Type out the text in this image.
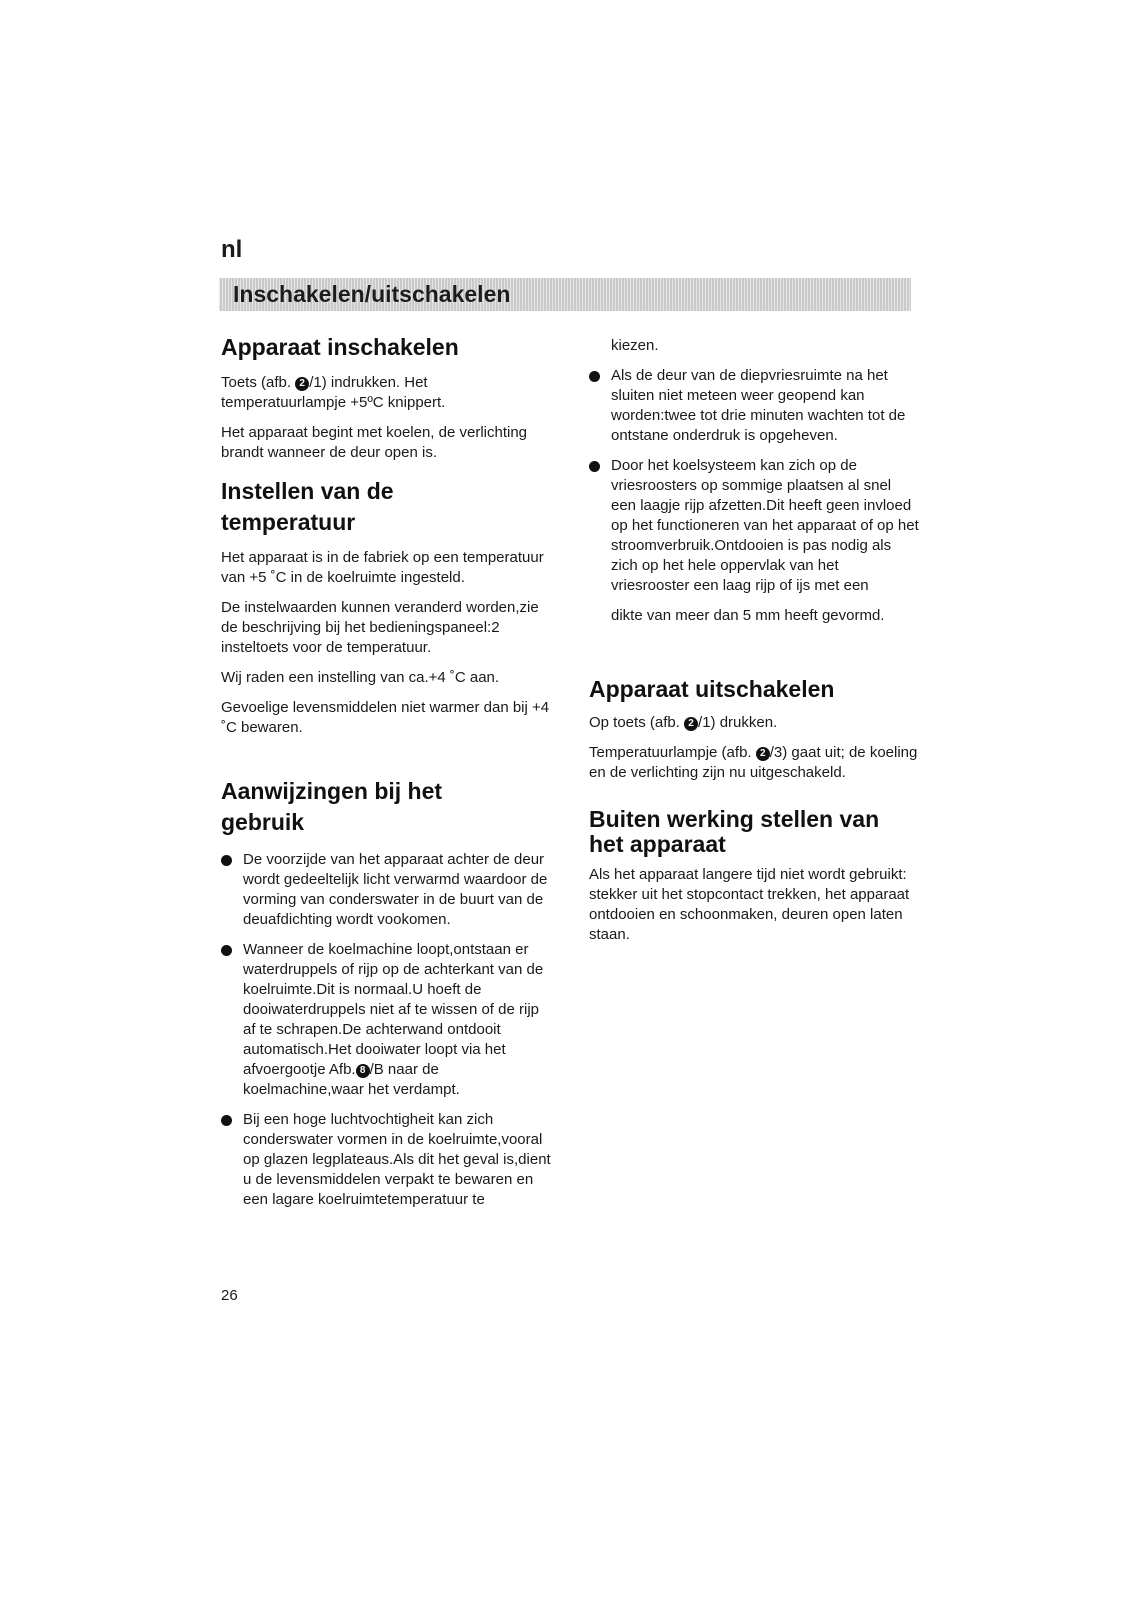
nl
Inschakelen/uitschakelen
Apparaat inschakelen

Toets (afb. 2 /1) indrukken. Het temperatuurlampje +5ºC knippert.

Het apparaat begint met koelen, de verlichting brandt wanneer de deur open is.

Instellen van de
temperatuur

Het apparaat is in de fabriek op een temperatuur van +5 ˚C in de koelruimte ingesteld.

De instelwaarden kunnen veranderd worden,zie de beschrijving bij het bedieningspaneel:2 insteltoets voor de temperatuur.

Wij raden een instelling van ca.+4 ˚C aan.

Gevoelige levensmiddelen niet warmer dan bij +4 ˚C bewaren.

Aanwijzingen bij het
gebruik

De voorzijde van het apparaat achter de deur wordt gedeeltelijk licht verwarmd waardoor de vorming van conderswater in de buurt van de deuafdichting wordt vookomen.

Wanneer de koelmachine loopt,ontstaan er waterdruppels of rijp op de achterkant van de koelruimte.Dit is normaal.U hoeft de dooiwaterdruppels niet af te wissen of de rijp af te schrapen.De achterwand ontdooit automatisch.Het dooiwater loopt via het afvoergootje Afb. 8 /B naar de koelmachine,waar het verdampt.

Bij een hoge luchtvochtigheit kan zich conderswater vormen in de koelruimte,vooral op glazen legplateaus.Als dit het geval is,dient u de levensmiddelen verpakt te bewaren en een lagare koelruimtetemperatuur te

kiezen.

Als de deur van de diepvriesruimte na het sluiten niet meteen weer geopend kan worden:twee tot drie minuten wachten tot de ontstane onderdruk is opgeheven.

Door het koelsysteem kan zich op de vriesroosters op sommige plaatsen al snel een laagje rijp afzetten.Dit heeft geen invloed op het functioneren van het apparaat of op het stroomverbruik.Ontdooien is pas nodig als zich op het hele oppervlak van het vriesrooster een laag rijp of ijs met een

dikte van meer dan 5 mm heeft gevormd.

Apparaat uitschakelen

Op toets (afb. 2 /1) drukken.

Temperatuurlampje (afb. 2 /3) gaat uit; de koeling en de verlichting zijn nu uitgeschakeld.

Buiten werking stellen van
het apparaat

Als het apparaat langere tijd niet wordt gebruikt: stekker uit het stopcontact trekken, het apparaat ontdooien en schoonmaken, deuren open laten staan.

26
